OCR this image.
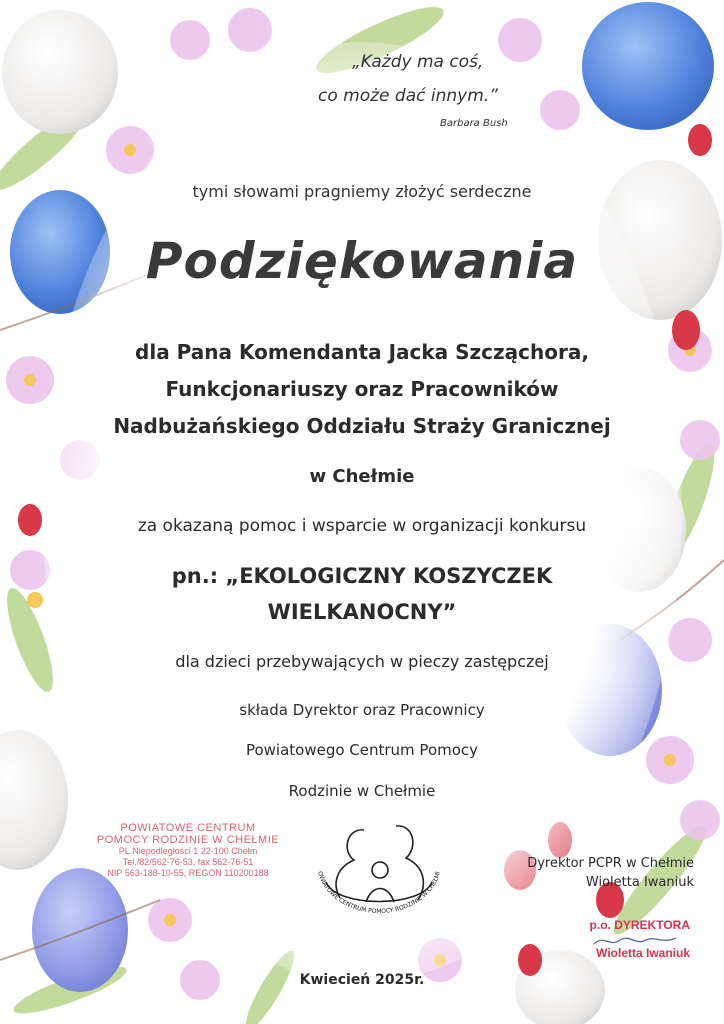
„Każdy ma coś,
co może dać innym.”
Barbara Bush
tymi słowami pragniemy złożyć serdeczne
Podziękowania
dla Pana Komendanta Jacka Szcząchora,
Funkcjonariuszy oraz Pracowników
Nadbużańskiego Oddziału Straży Granicznej
w Chełmie
za okazaną pomoc i wsparcie w organizacji konkursu
pn.: „EKOLOGICZNY KOSZYCZEK
WIELKANOCNY”
dla dzieci przebywających w pieczy zastępczej
składa Dyrektor oraz Pracownicy
Powiatowego Centrum Pomocy
Rodzinie w Chełmie
POWIATOWE CENTRUM
POMOCY RODZINIE W CHEŁMIE
PL.Niepodległości 1 22-100 Chełm
Tel./82/562-76-53, fax 562-76-51
NIP 563-188-10-55, REGON 110200188	OWIATOWE CENTRUM POMOCY RODZINIE W CHEŁMI
Dyrektor PCPR w Chełmie
Wioletta Iwaniuk
p.o. DYREKTORA
Wioletta Iwaniuk
Kwiecień 2025r.
